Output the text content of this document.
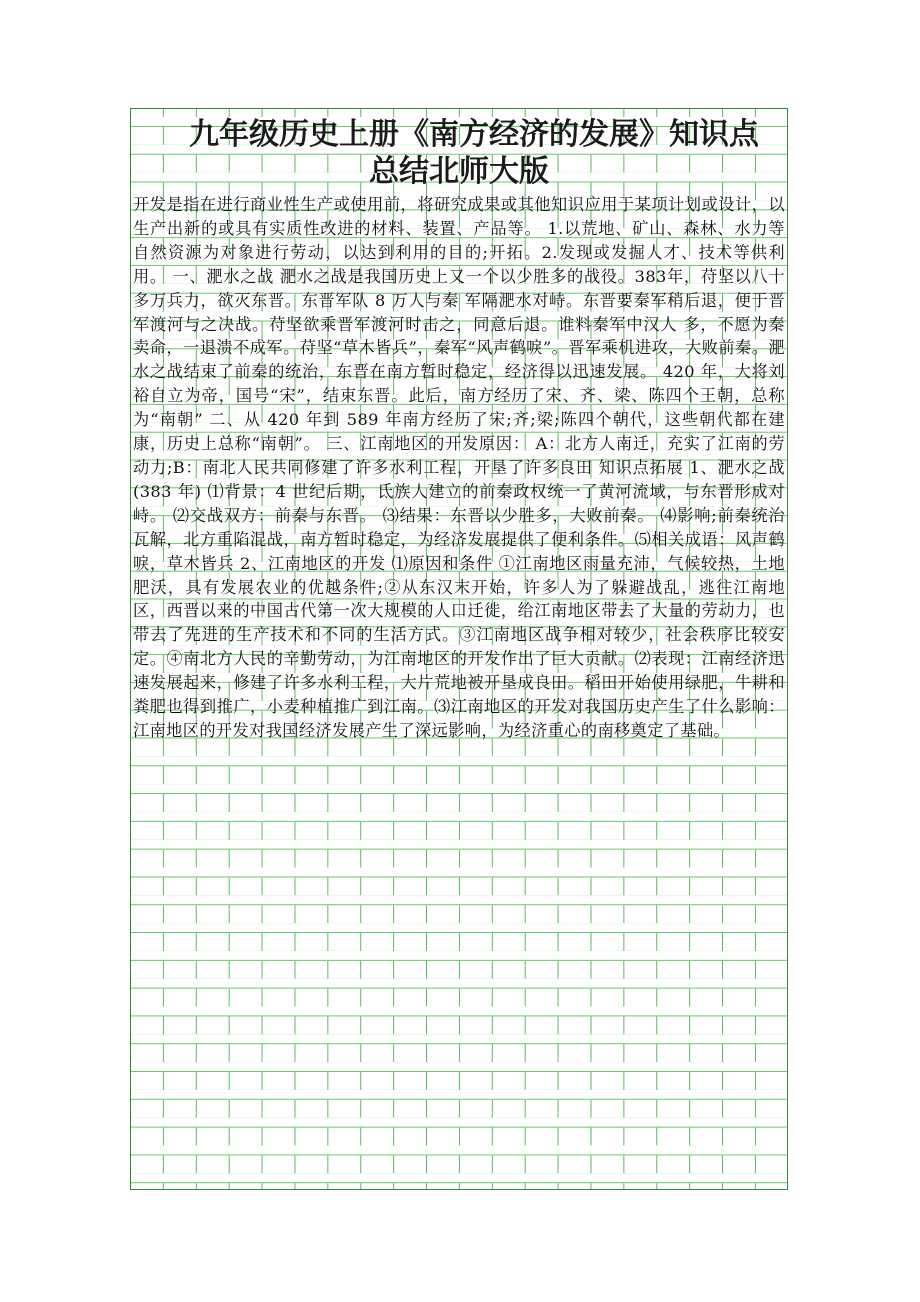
九年级历史上册《南方经济的发展》知识点
总结北师大版

开发是指在进行商业性生产或使用前，将研究成果或其他知识应用于某项计划或设计，以生产出新的或具有实质性改进的材料、装置、产品等。 1.以荒地、矿山、森林、水力等自然资源为对象进行劳动，以达到利用的目的;开拓。2.发现或发掘人才、技术等供利用。 一、淝水之战 淝水之战是我国历史上又一个以少胜多的战役。383年，苻坚以八十多万兵力，欲灭东晋。东晋军队 8 万人与秦 军隔淝水对峙。东晋要秦军稍后退，便于晋军渡河与之决战。苻坚欲乘晋军渡河时击之，同意后退。谁料秦军中汉人 多，不愿为秦卖命，一退溃不成军。苻坚“草木皆兵”，秦军“风声鹤唳”。晋军乘机进攻，大败前秦。淝水之战结束了前秦的统治，东晋在南方暂时稳定，经济得以迅速发展。 420 年，大将刘裕自立为帝，国号“宋”，结束东晋。此后，南方经历了宋、齐、梁、陈四个王朝，总称为“南朝” 二、从 420 年到 589 年南方经历了宋;齐;梁;陈四个朝代，这些朝代都在建康，历史上总称“南朝”。 三、江南地区的开发原因： A：北方人南迁，充实了江南的劳动力;B：南北人民共同修建了许多水利工程，开垦了许多良田 知识点拓展 1、淝水之战(383 年) ⑴背景：4 世纪后期，氐族人建立的前秦政权统一了黄河流域，与东晋形成对峙。 ⑵交战双方：前秦与东晋。 ⑶结果：东晋以少胜多，大败前秦。 ⑷影响;前秦统治瓦解，北方重陷混战，南方暂时稳定，为经济发展提供了便利条件。⑸相关成语：风声鹤唳，草木皆兵 2、江南地区的开发 ⑴原因和条件 ①江南地区雨量充沛，气候较热，土地肥沃，具有发展农业的优越条件;②从东汉末开始，许多人为了躲避战乱，逃往江南地区，西晋以来的中国古代第一次大规模的人口迁徙，给江南地区带去了大量的劳动力，也带去了先进的生产技术和不同的生活方式。③江南地区战争相对较少，社会秩序比较安定。④南北方人民的辛勤劳动，为江南地区的开发作出了巨大贡献。⑵表现：江南经济迅速发展起来，修建了许多水利工程，大片荒地被开垦成良田。稻田开始使用绿肥，牛耕和粪肥也得到推广，小麦种植推广到江南。⑶江南地区的开发对我国历史产生了什么影响：江南地区的开发对我国经济发展产生了深远影响，为经济重心的南移奠定了基础。
